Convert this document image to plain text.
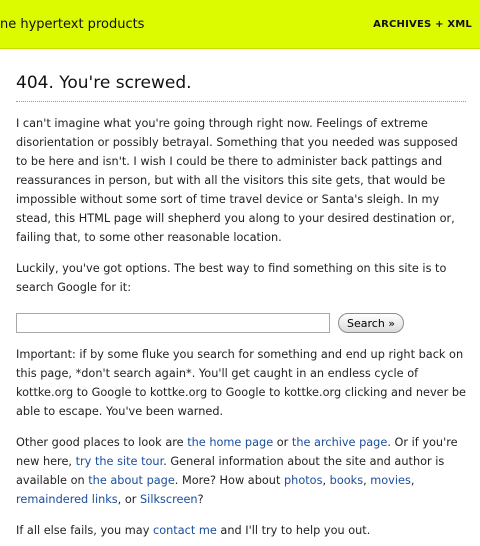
ne hypertext products	ARCHIVES + XML
404. You're screwed.

I can't imagine what you're going through right now. Feelings of extreme disorientation or possibly betrayal. Something that you needed was supposed to be here and isn't. I wish I could be there to administer back pattings and reassurances in person, but with all the visitors this site gets, that would be impossible without some sort of time travel device or Santa's sleigh. In my stead, this HTML page will shepherd you along to your desired destination or, failing that, to some other reasonable location.

Luckily, you've got options. The best way to find something on this site is to search Google for it:

Search »

Important: if by some fluke you search for something and end up right back on this page, *don't search again*. You'll get caught in an endless cycle of kottke.org to Google to kottke.org to Google to kottke.org clicking and never be able to escape. You've been warned.

Other good places to look are the home page or the archive page. Or if you're new here, try the site tour. General information about the site and author is available on the about page. More? How about photos, books, movies, remaindered links, or Silkscreen?

If all else fails, you may contact me and I'll try to help you out.
